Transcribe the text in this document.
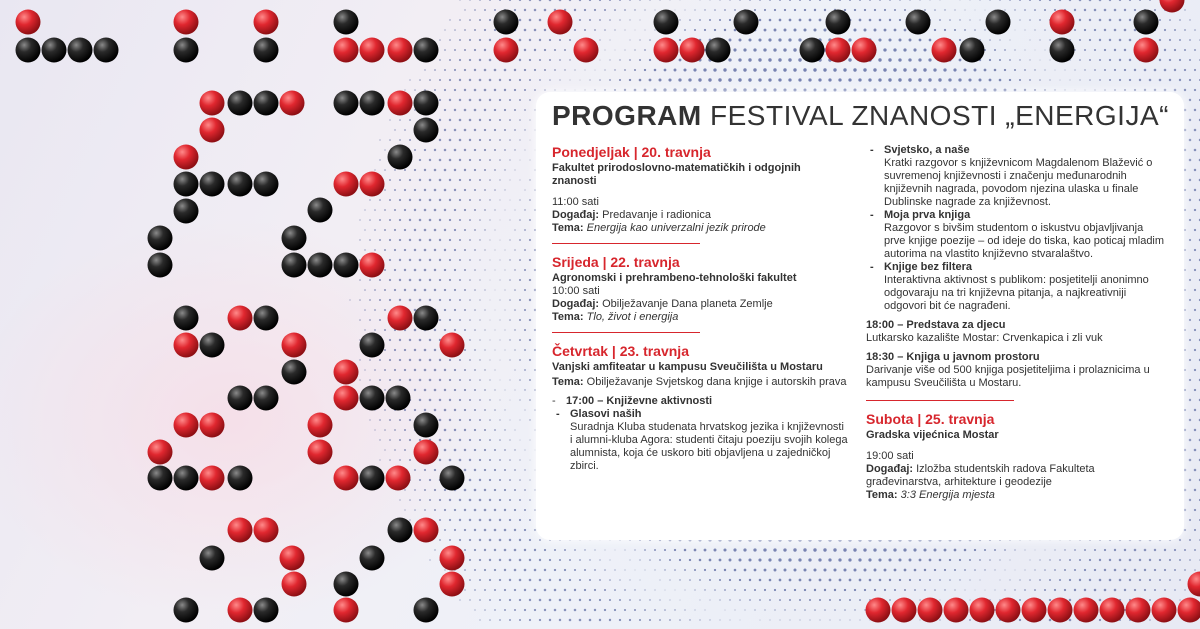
PROGRAM FESTIVAL ZNANOSTI „ENERGIJA“
Ponedjeljak | 20. travnja
Fakultet prirodoslovno-matematičkih i odgojnih znanosti
11:00 sati
Događaj: Predavanje i radionica
Tema: Energija kao univerzalni jezik prirode
Srijeda | 22. travnja
Agronomski i prehrambeno-tehnološki fakultet
10:00 sati
Događaj: Obilježavanje Dana planeta Zemlje
Tema: Tlo, život i energija
Četvrtak | 23. travnja
Vanjski amfiteatar u kampusu Sveučilišta u Mostaru
Tema: Obilježavanje Svjetskog dana knjige i autorskih prava
- 17:00 – Književne aktivnosti
- Glasovi naših
Suradnja Kluba studenata hrvatskog jezika i književnosti i alumni-kluba Agora: studenti čitaju poeziju svojih kolega alumnista, koja će uskoro biti objavljena u zajedničkoj zbirci.
- Svjetsko, a naše
Kratki razgovor s književnicom Magdalenom Blažević o suvremenoj književnosti i značenju međunarodnih književnih nagrada, povodom njezina ulaska u finale Dublinske nagrade za književnost.
- Moja prva knjiga
Razgovor s bivšim studentom o iskustvu objavljivanja prve knjige poezije – od ideje do tiska, kao poticaj mladim autorima na vlastito književno stvaralaštvo.
- Knjige bez filtera
Interaktivna aktivnost s publikom: posjetitelji anonimno odgovaraju na tri književna pitanja, a najkreativniji odgovori bit će nagrađeni.
18:00 – Predstava za djecu
Lutkarsko kazalište Mostar: Crvenkapica i zli vuk
18:30 – Knjiga u javnom prostoru
Darivanje više od 500 knjiga posjetiteljima i prolaznicima u kampusu Sveučilišta u Mostaru.
Subota | 25. travnja
Gradska vijećnica Mostar
19:00 sati
Događaj: Izložba studentskih radova Fakulteta građevinarstva, arhitekture i geodezije
Tema: 3:3 Energija mjesta
